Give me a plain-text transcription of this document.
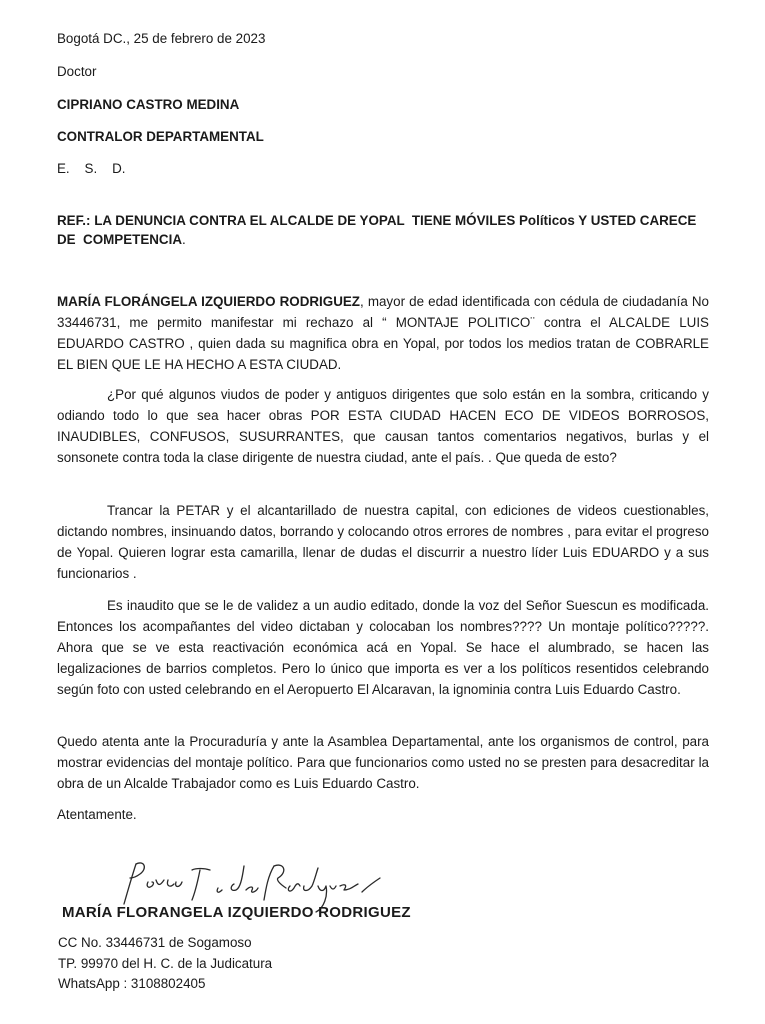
Bogotá DC., 25 de febrero de 2023
Doctor
CIPRIANO CASTRO MEDINA
CONTRALOR DEPARTAMENTAL
E.    S.    D.
REF.: LA DENUNCIA CONTRA EL ALCALDE DE YOPAL  TIENE MÓVILES Políticos Y USTED CARECE
DE  COMPETENCIA.
MARÍA FLORÁNGELA IZQUIERDO RODRIGUEZ, mayor de edad identificada con cédula de ciudadanía No 33446731, me permito manifestar mi rechazo al “ MONTAJE POLITICO¨ contra el ALCALDE LUIS EDUARDO CASTRO , quien dada su magnifica obra en Yopal, por todos los medios tratan de COBRARLE EL BIEN QUE LE HA HECHO A ESTA CIUDAD.
¿Por qué algunos viudos de poder y antiguos dirigentes que solo están en la sombra, criticando y odiando todo lo que sea hacer obras POR ESTA CIUDAD HACEN ECO DE VIDEOS BORROSOS, INAUDIBLES, CONFUSOS, SUSURRANTES, que causan tantos comentarios negativos, burlas y el sonsonete contra toda la clase dirigente de nuestra ciudad, ante el país. . Que queda de esto?
Trancar la PETAR y el alcantarillado de nuestra capital, con ediciones de videos cuestionables, dictando nombres, insinuando datos, borrando y colocando otros errores de nombres , para evitar el progreso de Yopal. Quieren lograr esta camarilla, llenar de dudas el discurrir a nuestro líder Luis EDUARDO y a sus funcionarios .
Es inaudito que se le de validez a un audio editado, donde la voz del Señor Suescun es modificada. Entonces los acompañantes del video dictaban y colocaban los nombres???? Un montaje político?????. Ahora que se ve esta reactivación económica acá en Yopal. Se hace el alumbrado, se hacen las legalizaciones de barrios completos. Pero lo único que importa es ver a los políticos resentidos celebrando según foto con usted celebrando en el Aeropuerto El Alcaravan, la ignominia contra Luis Eduardo Castro.
Quedo atenta ante la Procuraduría y ante la Asamblea Departamental, ante los organismos de control, para mostrar evidencias del montaje político. Para que funcionarios como usted no se presten para desacreditar la obra de un Alcalde Trabajador como es Luis Eduardo Castro.
Atentamente.
MARÍA FLORANGELA IZQUIERDO RODRIGUEZ
CC No. 33446731 de Sogamoso
TP. 99970 del H. C. de la Judicatura
WhatsApp : 3108802405
